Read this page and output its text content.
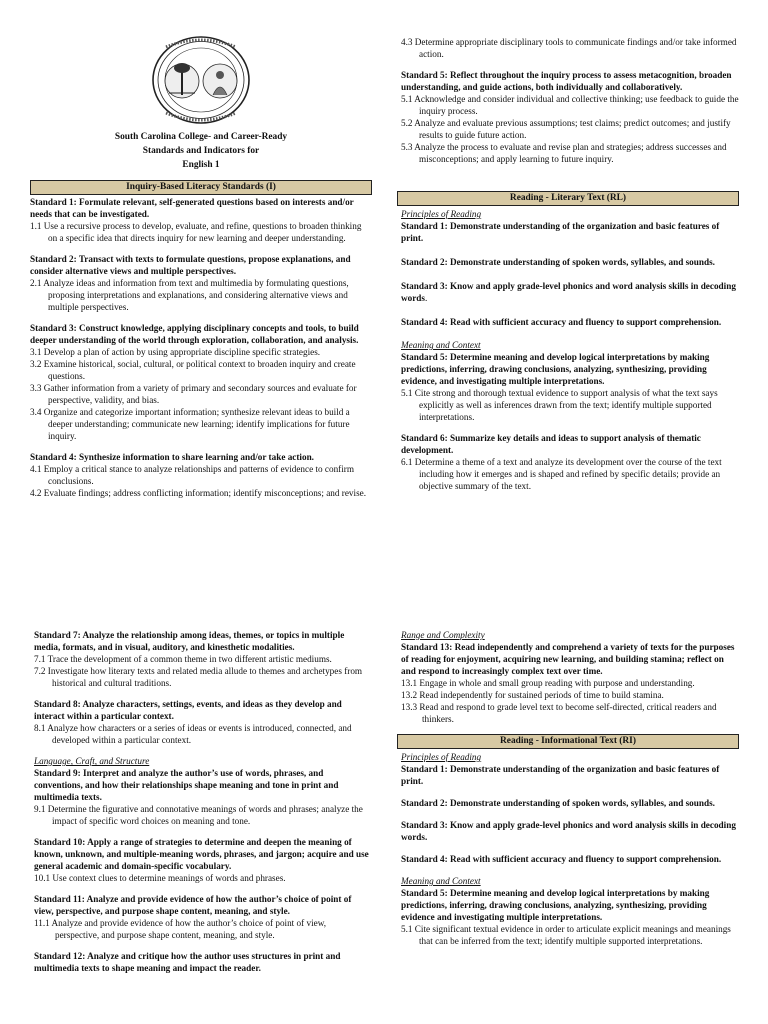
South Carolina College- and Career-Ready
Standards and Indicators for
English 1
Inquiry-Based Literacy Standards (I)
Standard 1: Formulate relevant, self-generated questions based on interests and/or needs that can be investigated.
1.1 Use a recursive process to develop, evaluate, and refine, questions to broaden thinking on a specific idea that directs inquiry for new learning and deeper understanding.
Standard 2: Transact with texts to formulate questions, propose explanations, and consider alternative views and multiple perspectives.
2.1 Analyze ideas and information from text and multimedia by formulating questions, proposing interpretations and explanations, and considering alternative views and multiple perspectives.
Standard 3: Construct knowledge, applying disciplinary concepts and tools, to build deeper understanding of the world through exploration, collaboration, and analysis.
3.1 Develop a plan of action by using appropriate discipline specific strategies.
3.2 Examine historical, social, cultural, or political context to broaden inquiry and create questions.
3.3 Gather information from a variety of primary and secondary sources and evaluate for perspective, validity, and bias.
3.4 Organize and categorize important information; synthesize relevant ideas to build a deeper understanding; communicate new learning; identify implications for future inquiry.
Standard 4: Synthesize information to share learning and/or take action.
4.1 Employ a critical stance to analyze relationships and patterns of evidence to confirm conclusions.
4.2 Evaluate findings; address conflicting information; identify misconceptions; and revise.
4.3 Determine appropriate disciplinary tools to communicate findings and/or take informed action.
Standard 5: Reflect throughout the inquiry process to assess metacognition, broaden understanding, and guide actions, both individually and collaboratively.
5.1 Acknowledge and consider individual and collective thinking; use feedback to guide the inquiry process.
5.2 Analyze and evaluate previous assumptions; test claims; predict outcomes; and justify results to guide future action.
5.3 Analyze the process to evaluate and revise plan and strategies; address successes and misconceptions; and apply learning to future inquiry.
Reading - Literary Text (RL)
Principles of Reading
Standard 1: Demonstrate understanding of the organization and basic features of print.
Standard 2: Demonstrate understanding of spoken words, syllables, and sounds.
Standard 3: Know and apply grade-level phonics and word analysis skills in decoding words.
Standard 4: Read with sufficient accuracy and fluency to support comprehension.
Meaning and Context
Standard 5: Determine meaning and develop logical interpretations by making predictions, inferring, drawing conclusions, analyzing, synthesizing, providing evidence, and investigating multiple interpretations.
5.1 Cite strong and thorough textual evidence to support analysis of what the text says explicitly as well as inferences drawn from the text; identify multiple supported interpretations.
Standard 6: Summarize key details and ideas to support analysis of thematic development.
6.1 Determine a theme of a text and analyze its development over the course of the text including how it emerges and is shaped and refined by specific details; provide an objective summary of the text.
Standard 7: Analyze the relationship among ideas, themes, or topics in multiple media, formats, and in visual, auditory, and kinesthetic modalities.
7.1 Trace the development of a common theme in two different artistic mediums.
7.2 Investigate how literary texts and related media allude to themes and archetypes from historical and cultural traditions.
Standard 8: Analyze characters, settings, events, and ideas as they develop and interact within a particular context.
8.1 Analyze how characters or a series of ideas or events is introduced, connected, and developed within a particular context.
Language, Craft, and Structure
Standard 9: Interpret and analyze the author’s use of words, phrases, and conventions, and how their relationships shape meaning and tone in print and multimedia texts.
9.1 Determine the figurative and connotative meanings of words and phrases; analyze the impact of specific word choices on meaning and tone.
Standard 10: Apply a range of strategies to determine and deepen the meaning of known, unknown, and multiple-meaning words, phrases, and jargon; acquire and use general academic and domain-specific vocabulary.
10.1 Use context clues to determine meanings of words and phrases.
Standard 11: Analyze and provide evidence of how the author’s choice of point of view, perspective, and purpose shape content, meaning, and style.
11.1 Analyze and provide evidence of how the author’s choice of point of view, perspective, and purpose shape content, meaning, and style.
Standard 12: Analyze and critique how the author uses structures in print and multimedia texts to shape meaning and impact the reader.
Range and Complexity
Standard 13: Read independently and comprehend a variety of texts for the purposes of reading for enjoyment, acquiring new learning, and building stamina; reflect on and respond to increasingly complex text over time.
13.1 Engage in whole and small group reading with purpose and understanding.
13.2 Read independently for sustained periods of time to build stamina.
13.3 Read and respond to grade level text to become self-directed, critical readers and thinkers.
Reading - Informational Text (RI)
Principles of Reading
Standard 1: Demonstrate understanding of the organization and basic features of print.
Standard 2: Demonstrate understanding of spoken words, syllables, and sounds.
Standard 3: Know and apply grade-level phonics and word analysis skills in decoding words.
Standard 4: Read with sufficient accuracy and fluency to support comprehension.
Meaning and Context
Standard 5: Determine meaning and develop logical interpretations by making predictions, inferring, drawing conclusions, analyzing, synthesizing, providing evidence and investigating multiple interpretations.
5.1 Cite significant textual evidence in order to articulate explicit meanings and meanings that can be inferred from the text; identify multiple supported interpretations.
